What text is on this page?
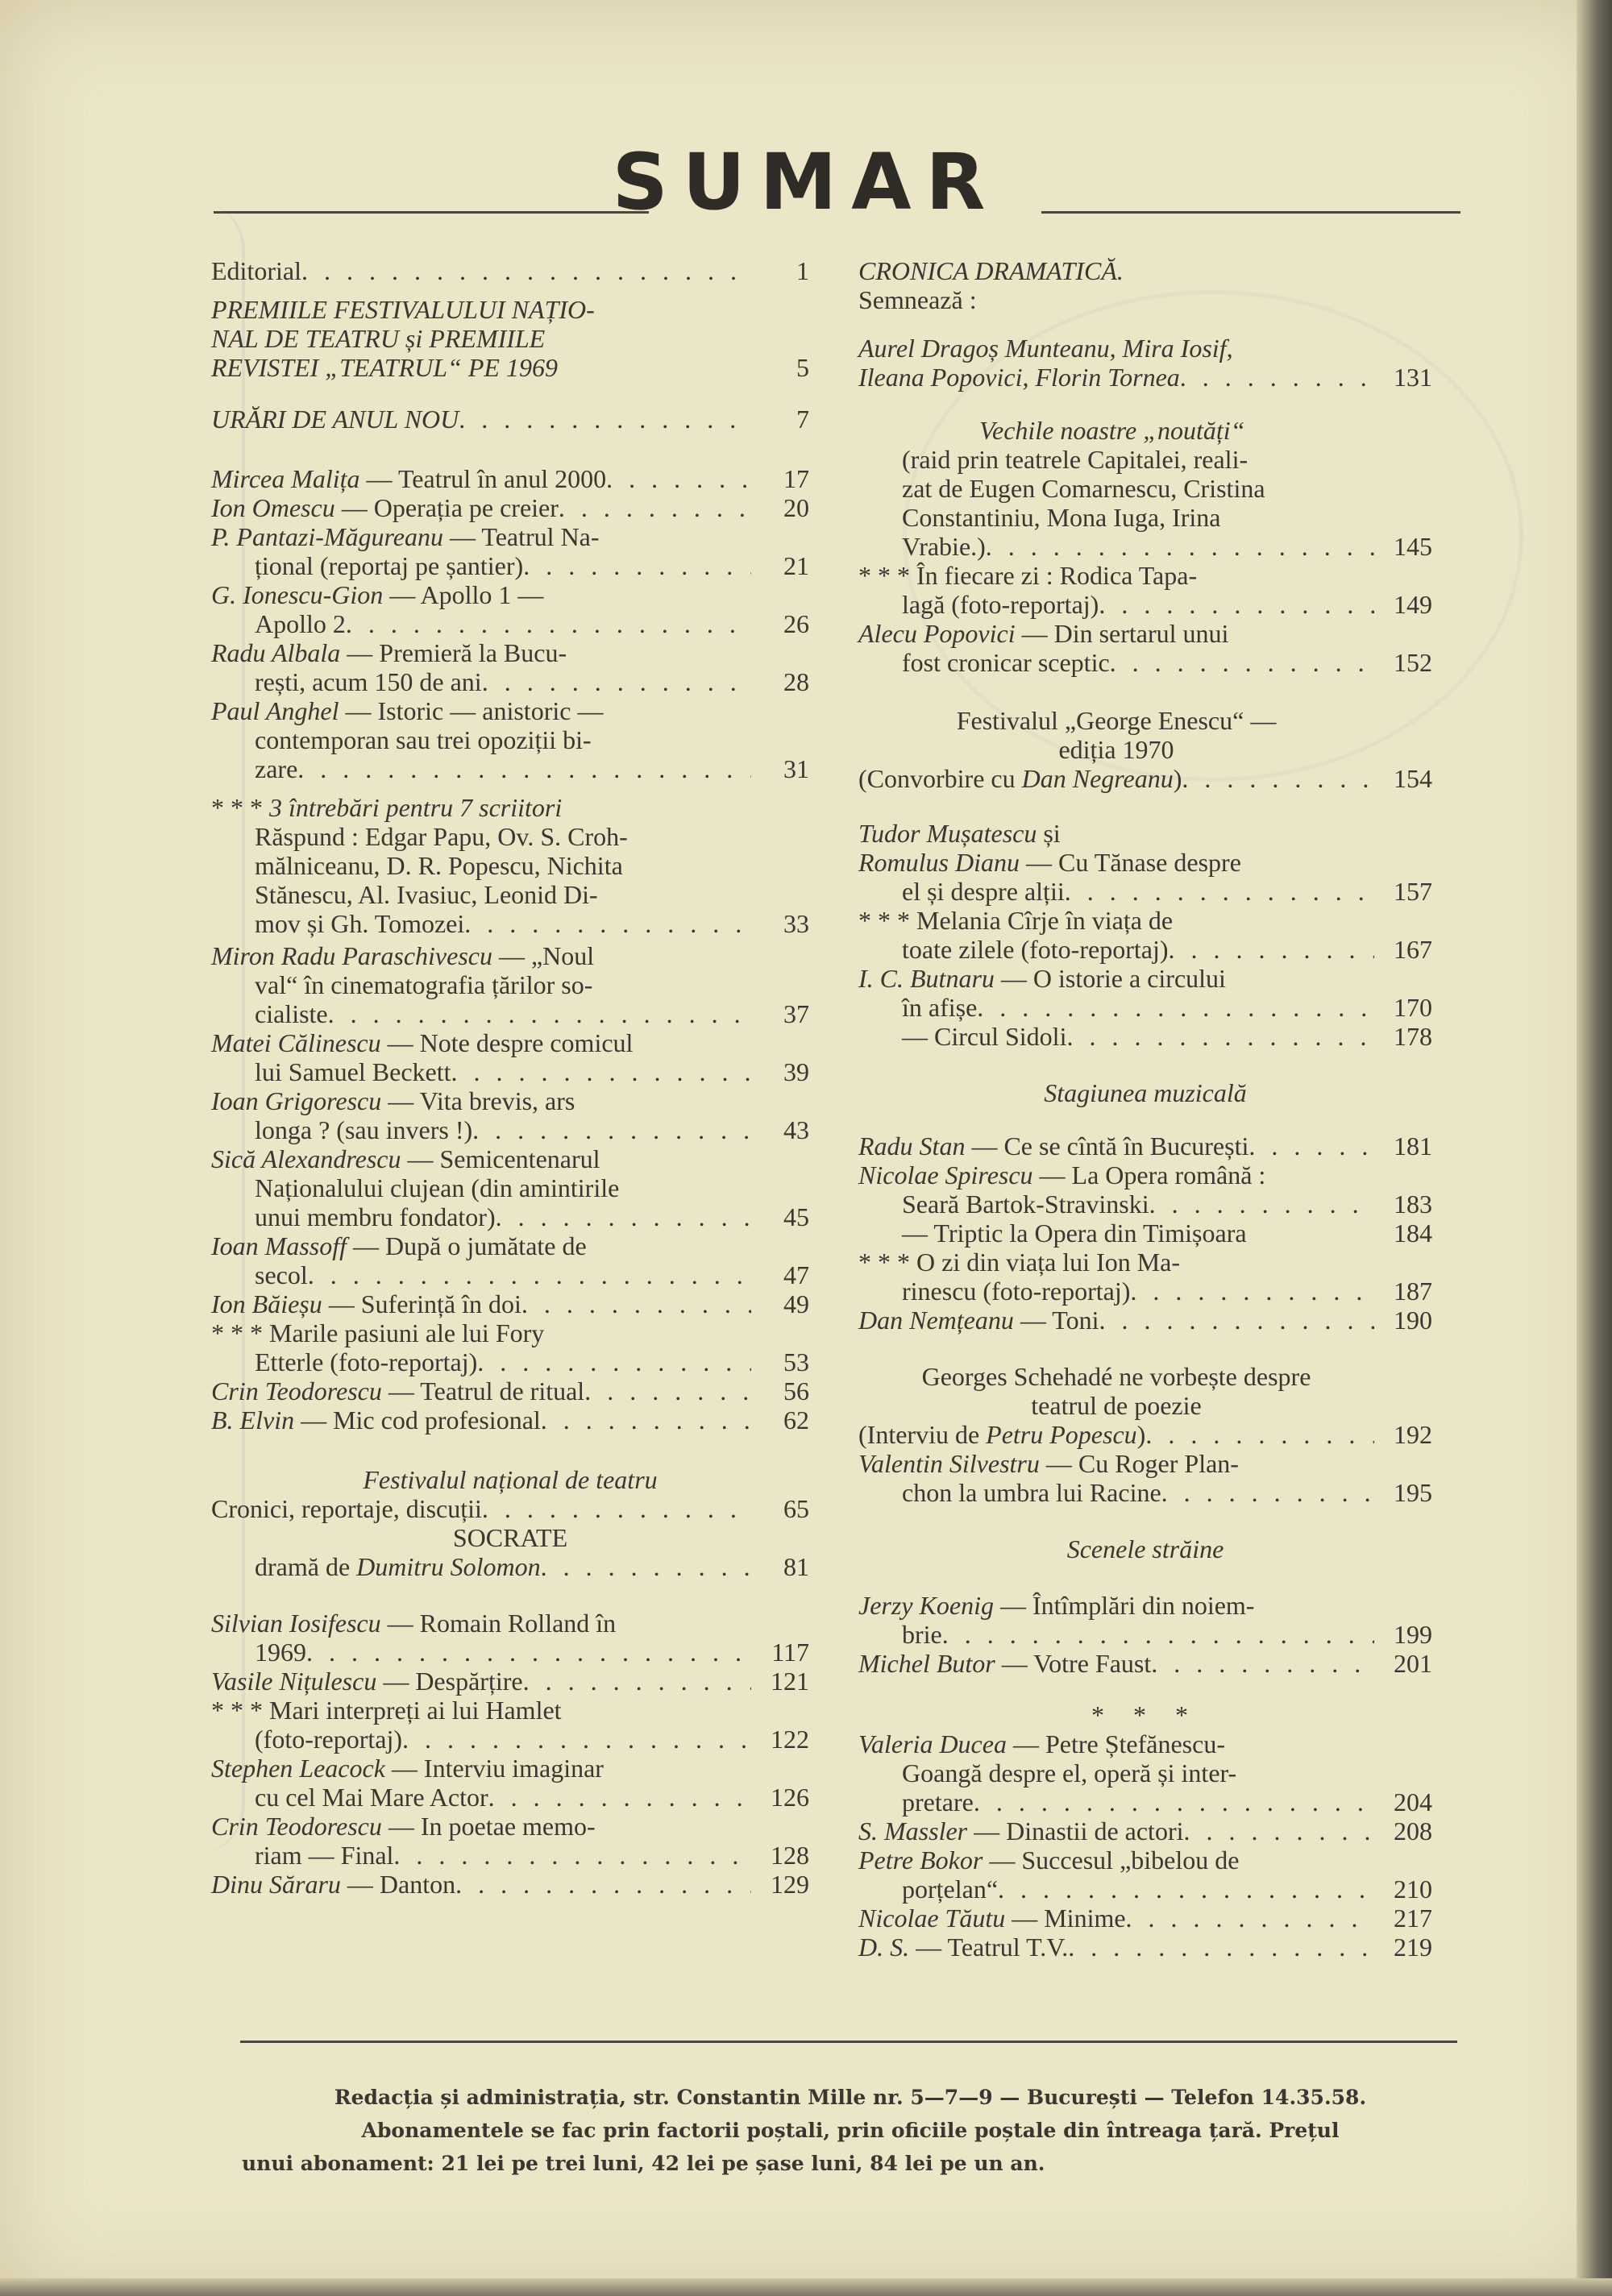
SUMAR
Editorial . . .	1
PREMIILE FESTIVALULUI NAȚIO-
NAL DE TEATRU și PREMIILE
REVISTEI „TEATRUL“ PE 1969	5
URĂRI DE ANUL NOU . . .	7
Mircea Malița — Teatrul în anul 2000 . . .	17
Ion Omescu — Operația pe creier . . .	20
P. Pantazi-Măgureanu — Teatrul Na-
țional (reportaj pe șantier) . . .	21
G. Ionescu-Gion — Apollo 1 —
Apollo 2 . . .	26
Radu Albala — Premieră la Bucu-
rești, acum 150 de ani . . .	28
Paul Anghel — Istoric — anistoric —
contemporan sau trei opoziții bi-
zare . . .	31
* * * 3 întrebări pentru 7 scriitori
Răspund : Edgar Papu, Ov. S. Croh-
mălniceanu, D. R. Popescu, Nichita
Stănescu, Al. Ivasiuc, Leonid Di-
mov și Gh. Tomozei . . .	33
Miron Radu Paraschivescu — „Noul
val“ în cinematografia țărilor so-
cialiste . . .	37
Matei Călinescu — Note despre comicul
lui Samuel Beckett . . .	39
Ioan Grigorescu — Vita brevis, ars
longa ? (sau invers !) . . .	43
Sică Alexandrescu — Semicentenarul
Naționalului clujean (din amintirile
unui membru fondator) . . .	45
Ioan Massoff — După o jumătate de
secol . . .	47
Ion Băieșu — Suferință în doi . . .	49
* * * Marile pasiuni ale lui Fory
Etterle (foto-reportaj) . . .	53
Crin Teodorescu — Teatrul de ritual . . .	56
B. Elvin — Mic cod profesional . . .	62
Festivalul național de teatru
Cronici, reportaje, discuții . . .	65
SOCRATE
dramă de Dumitru Solomon . . .	81
Silvian Iosifescu — Romain Rolland în
1969 . . .	117
Vasile Nițulescu — Despărțire . . .	121
* * * Mari interpreți ai lui Hamlet
(foto-reportaj) . . .	122
Stephen Leacock — Interviu imaginar
cu cel Mai Mare Actor . . .	126
Crin Teodorescu — In poetae memo-
riam — Final . . .	128
Dinu Săraru — Danton . . .	129
CRONICA DRAMATICĂ.
Semnează :
Aurel Dragoș Munteanu, Mira Iosif,
Ileana Popovici, Florin Tornea . . .	131
Vechile noastre „noutăți“
(raid prin teatrele Capitalei, reali-
zat de Eugen Comarnescu, Cristina
Constantiniu, Mona Iuga, Irina
Vrabie.) . . .	145
* * * În fiecare zi : Rodica Tapa-
lagă (foto-reportaj) . . .	149
Alecu Popovici — Din sertarul unui
fost cronicar sceptic . . .	152
Festivalul „George Enescu“ —
ediția 1970
(Convorbire cu Dan Negreanu) . . .	154
Tudor Mușatescu și
Romulus Dianu — Cu Tănase despre
el și despre alții . . .	157
* * * Melania Cîrje în viața de
toate zilele (foto-reportaj) . . .	167
I. C. Butnaru — O istorie a circului
în afișe . . .	170
— Circul Sidoli . . .	178
Stagiunea muzicală
Radu Stan — Ce se cîntă în București . . .	181
Nicolae Spirescu — La Opera română :
Seară Bartok-Stravinski . . .	183
— Triptic la Opera din Timișoara	184
* * * O zi din viața lui Ion Ma-
rinescu (foto-reportaj) . . .	187
Dan Nemțeanu — Toni . . .	190
Georges Schehadé ne vorbește despre
teatrul de poezie
(Interviu de Petru Popescu) . . .	192
Valentin Silvestru — Cu Roger Plan-
chon la umbra lui Racine . . .	195
Scenele străine
Jerzy Koenig — Întîmplări din noiem-
brie . . .	199
Michel Butor — Votre Faust . . .	201
* * *
Valeria Ducea — Petre Ștefănescu-
Goangă despre el, operă și inter-
pretare . . .	204
S. Massler — Dinastii de actori . . .	208
Petre Bokor — Succesul „bibelou de
porțelan“ . . .	210
Nicolae Tăutu — Minime . . .	217
D. S. — Teatrul T.V. . . .	219
Redacția și administrația, str. Constantin Mille nr. 5—7—9 — București — Telefon 14.35.58.
Abonamentele se fac prin factorii poștali, prin oficiile poștale din întreaga țară. Prețul
unui abonament: 21 lei pe trei luni, 42 lei pe șase luni, 84 lei pe un an.
